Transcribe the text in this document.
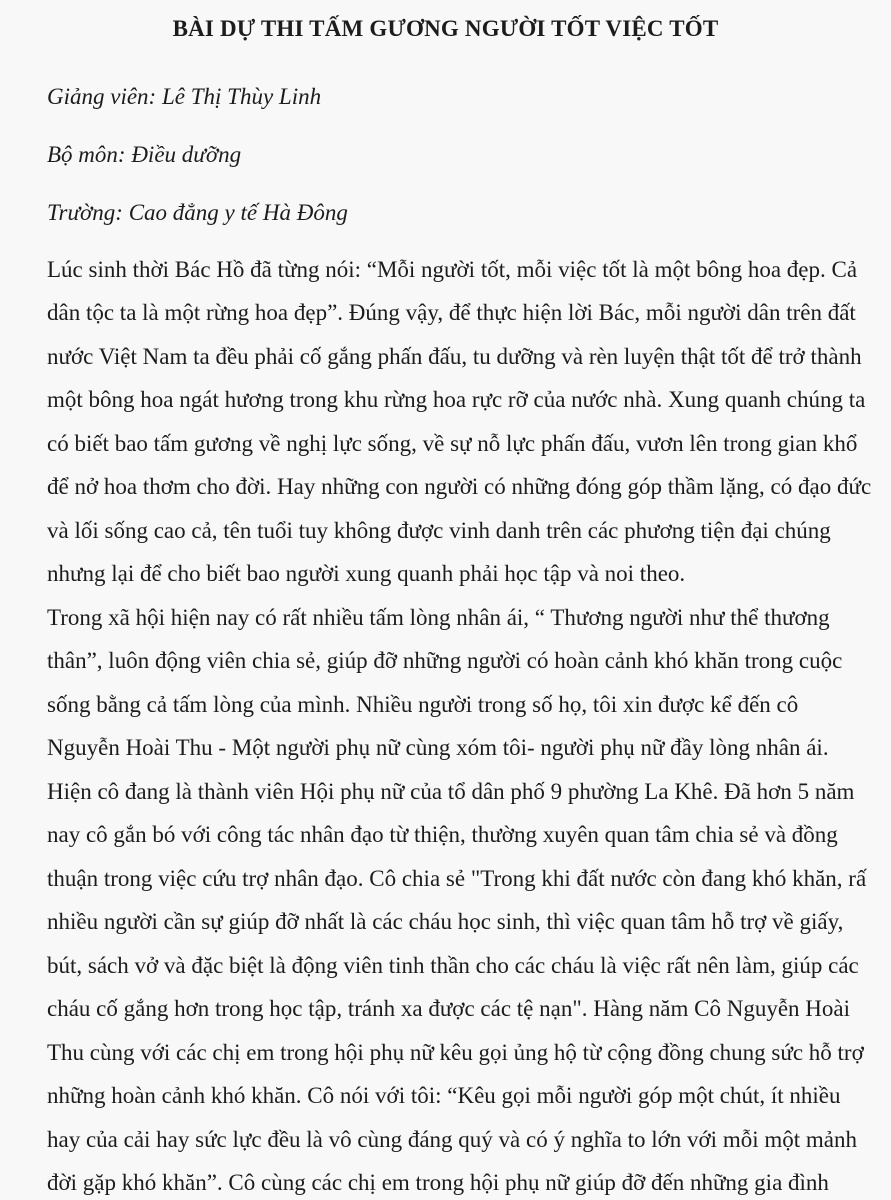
BÀI DỰ THI TẤM GƯƠNG NGƯỜI TỐT VIỆC TỐT
Giảng viên: Lê Thị Thùy Linh
Bộ môn: Điều dưỡng
Trường: Cao đẳng y tế Hà Đông
Lúc sinh thời Bác Hồ đã từng nói: “Mỗi người tốt, mỗi việc tốt là một bông hoa đẹp. Cả
dân tộc ta là một rừng hoa đẹp”. Đúng vậy, để thực hiện lời Bác, mỗi người dân trên đất
nước Việt Nam ta đều phải cố gắng phấn đấu, tu dưỡng và rèn luyện thật tốt để trở thành
một bông hoa ngát hương trong khu rừng hoa rực rỡ của nước nhà. Xung quanh chúng ta
có biết bao tấm gương về nghị lực sống, về sự nỗ lực phấn đấu, vươn lên trong gian khổ
để nở hoa thơm cho đời. Hay những con người có những đóng góp thầm lặng, có đạo đức
và lối sống cao cả, tên tuổi tuy không được vinh danh trên các phương tiện đại chúng
nhưng lại để cho biết bao người xung quanh phải học tập và noi theo.
Trong xã hội hiện nay có rất nhiều tấm lòng nhân ái, “ Thương người như thể thương
thân”, luôn động viên chia sẻ, giúp đỡ những người có hoàn cảnh khó khăn trong cuộc
sống bằng cả tấm lòng của mình. Nhiều người trong số họ, tôi xin được kể đến cô
Nguyễn Hoài Thu - Một người phụ nữ cùng xóm tôi- người phụ nữ đầy lòng nhân ái.
Hiện cô đang là thành viên Hội phụ nữ của tổ dân phố 9 phường La Khê. Đã hơn 5 năm
nay cô gắn bó với công tác nhân đạo từ thiện, thường xuyên quan tâm chia sẻ và đồng
thuận trong việc cứu trợ nhân đạo. Cô chia sẻ "Trong khi đất nước còn đang khó khăn, rấ
nhiều người cần sự giúp đỡ nhất là các cháu học sinh, thì việc quan tâm hỗ trợ về giấy,
bút, sách vở và đặc biệt là động viên tinh thần cho các cháu là việc rất nên làm, giúp các
cháu cố gắng hơn trong học tập, tránh xa được các tệ nạn". Hàng năm Cô Nguyễn Hoài
Thu cùng với các chị em trong hội phụ nữ kêu gọi ủng hộ từ cộng đồng chung sức hỗ trợ
những hoàn cảnh khó khăn. Cô nói với tôi: “Kêu gọi mỗi người góp một chút, ít nhiều
hay của cải hay sức lực đều là vô cùng đáng quý và có ý nghĩa to lớn với mỗi một mảnh
đời gặp khó khăn”. Cô cùng các chị em trong hội phụ nữ giúp đỡ đến những gia đình
